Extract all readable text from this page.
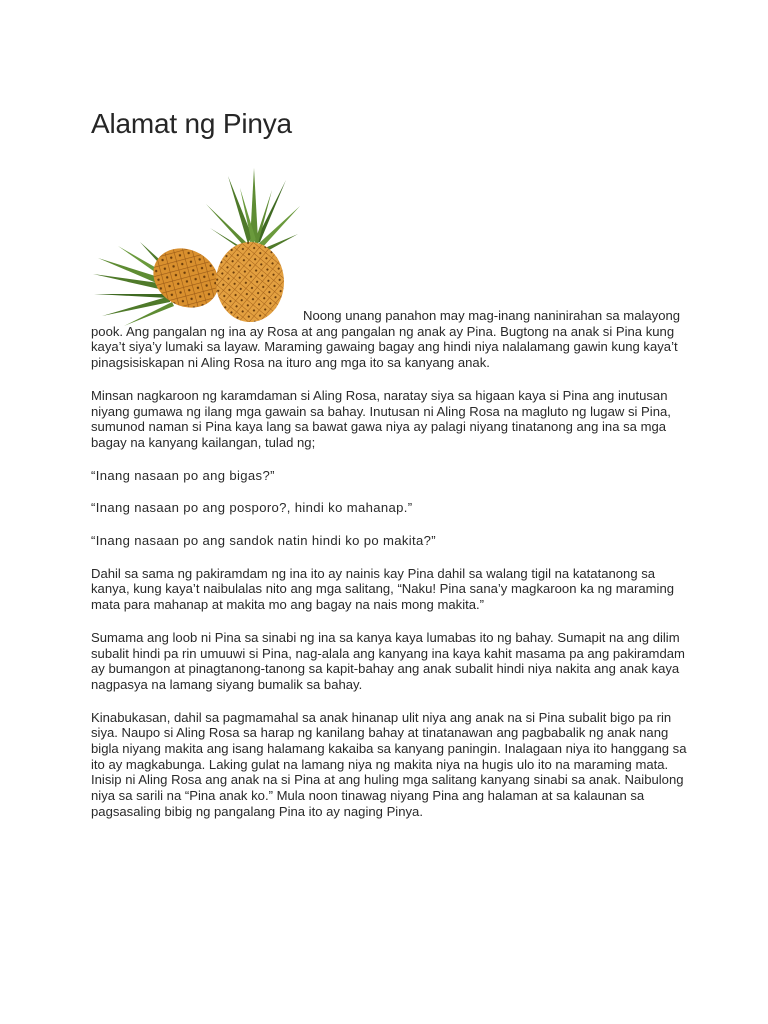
Alamat ng Pinya

Noong unang panahon may mag-inang naninirahan sa malayong pook. Ang pangalan ng ina ay Rosa at ang pangalan ng anak ay Pina. Bugtong na anak si Pina kung kaya’t siya’y lumaki sa layaw. Maraming gawaing bagay ang hindi niya nalalamang gawin kung kaya’t pinagsisiskapan ni Aling Rosa na ituro ang mga ito sa kanyang anak.

Minsan nagkaroon ng karamdaman si Aling Rosa, naratay siya sa higaan kaya si Pina ang inutusan niyang gumawa ng ilang mga gawain sa bahay. Inutusan ni Aling Rosa na magluto ng lugaw si Pina, sumunod naman si Pina kaya lang sa bawat gawa niya ay palagi niyang tinatanong ang ina sa mga bagay na kanyang kailangan, tulad ng;

“Inang nasaan po ang bigas?”

“Inang nasaan po ang posporo?, hindi ko mahanap.”

“Inang nasaan po ang sandok natin hindi ko po makita?”

Dahil sa sama ng pakiramdam ng ina ito ay nainis kay Pina dahil sa walang tigil na katatanong sa kanya, kung kaya’t naibulalas nito ang mga salitang, “Naku! Pina sana’y magkaroon ka ng maraming mata para mahanap at makita mo ang bagay na nais mong makita.”

Sumama ang loob ni Pina sa sinabi ng ina sa kanya kaya lumabas ito ng bahay. Sumapit na ang dilim subalit hindi pa rin umuuwi si Pina, nag-alala ang kanyang ina kaya kahit masama pa ang pakiramdam ay bumangon at pinagtanong-tanong sa kapit-bahay ang anak subalit hindi niya nakita ang anak kaya nagpasya na lamang siyang bumalik sa bahay.

Kinabukasan, dahil sa pagmamahal sa anak hinanap ulit niya ang anak na si Pina subalit bigo pa rin siya. Naupo si Aling Rosa sa harap ng kanilang bahay at tinatanawan ang pagbabalik ng anak nang bigla niyang makita ang isang halamang kakaiba sa kanyang paningin. Inalagaan niya ito hanggang sa ito ay magkabunga. Laking gulat na lamang niya ng makita niya na hugis ulo ito na maraming mata. Inisip ni Aling Rosa ang anak na si Pina at ang huling mga salitang kanyang sinabi sa anak. Naibulong niya sa sarili na “Pina anak ko.” Mula noon tinawag niyang Pina ang halaman at sa kalaunan sa pagsasaling bibig ng pangalang Pina ito ay naging Pinya.
